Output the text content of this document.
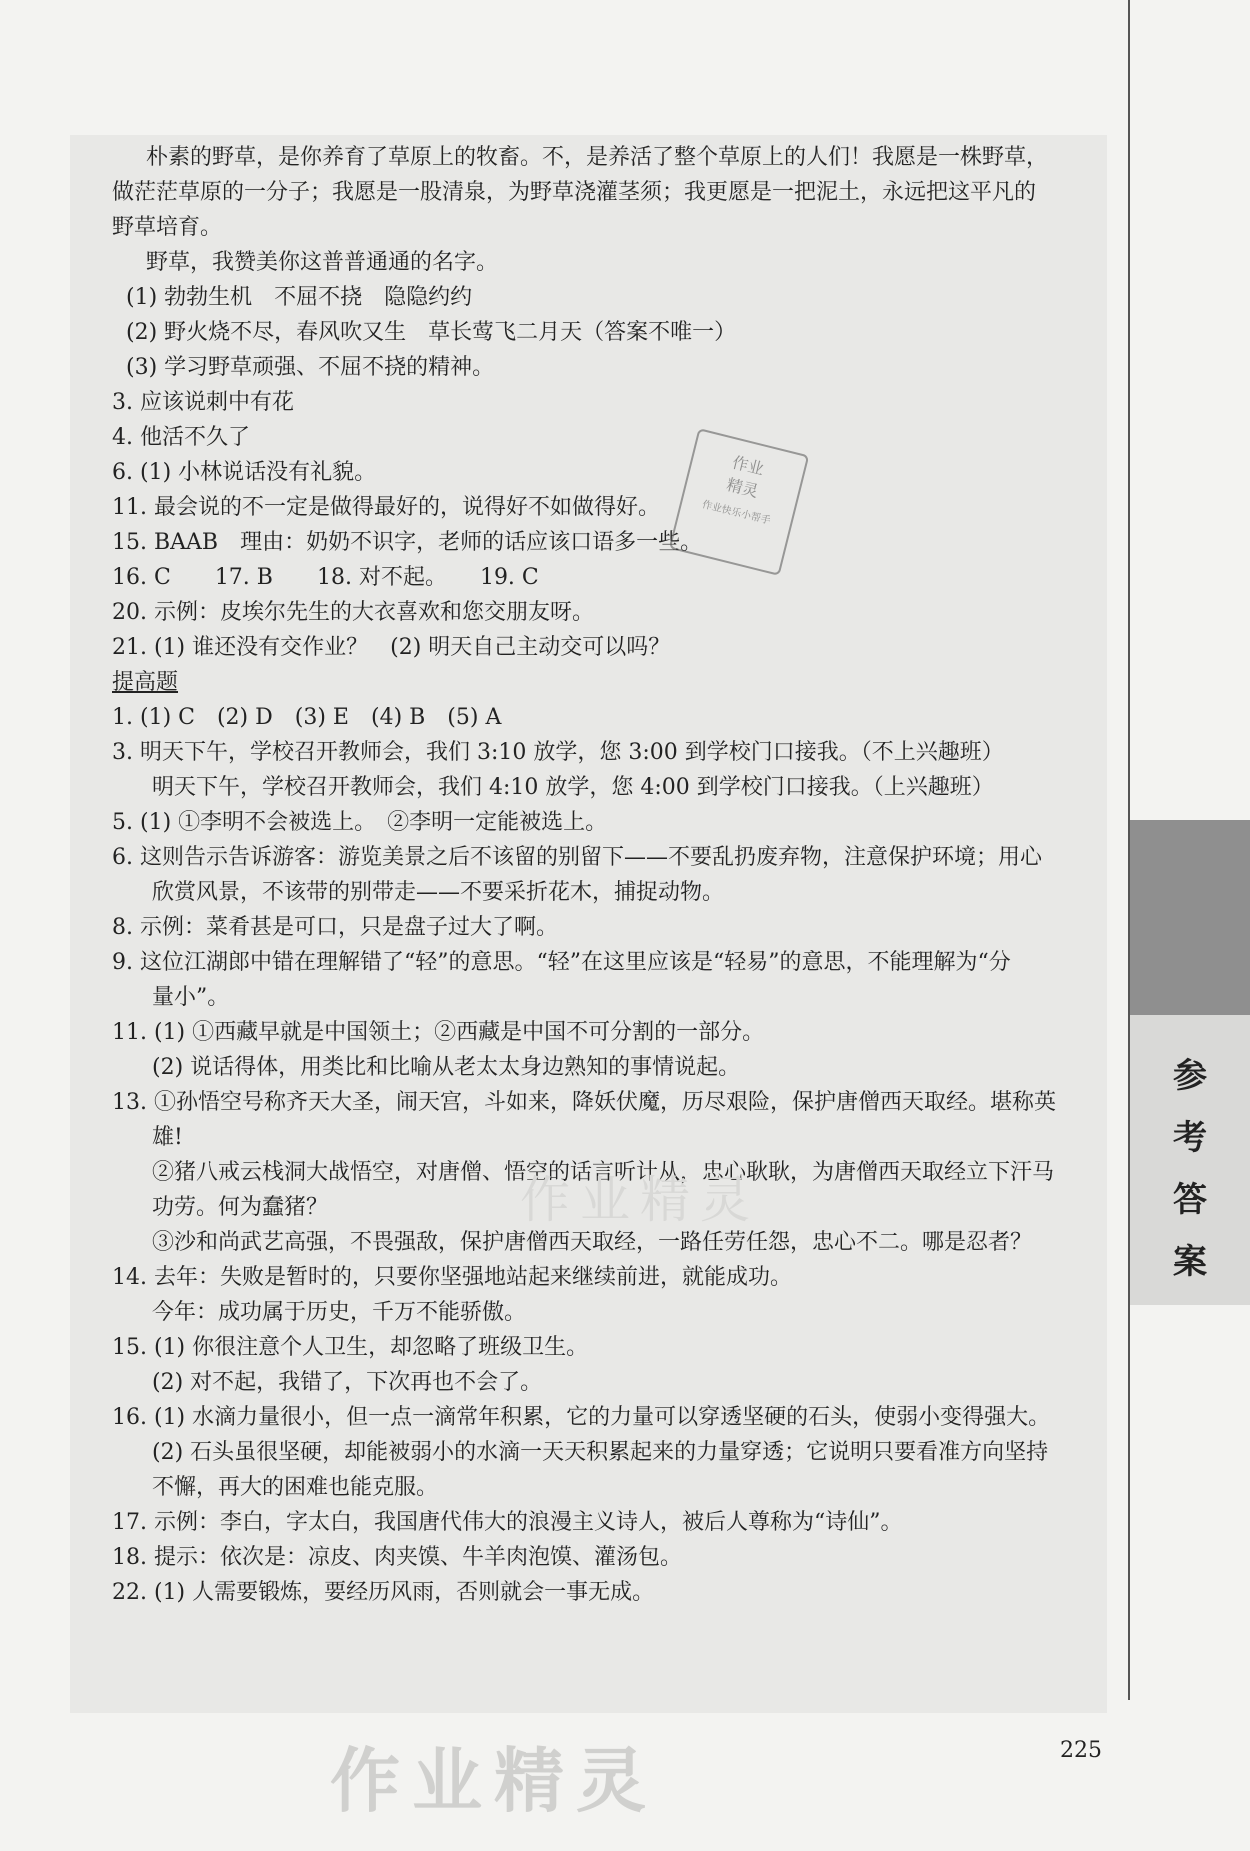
朴素的野草，是你养育了草原上的牧畜。不，是养活了整个草原上的人们！我愿是一株野草，
做茫茫草原的一分子；我愿是一股清泉，为野草浇灌茎须；我更愿是一把泥土，永远把这平凡的
野草培育。
野草，我赞美你这普普通通的名字。
(1) 勃勃生机　不屈不挠　隐隐约约
(2) 野火烧不尽，春风吹又生　草长莺飞二月天（答案不唯一）
(3) 学习野草顽强、不屈不挠的精神。
3. 应该说刺中有花
4. 他活不久了
6. (1) 小林说话没有礼貌。
11. 最会说的不一定是做得最好的，说得好不如做得好。
15. BAAB　理由：奶奶不识字，老师的话应该口语多一些。
16. C　　17. B　　18. 对不起。　　19. C
20. 示例：皮埃尔先生的大衣喜欢和您交朋友呀。
21. (1) 谁还没有交作业？　(2) 明天自己主动交可以吗？
提高题
1. (1) C　(2) D　(3) E　(4) B　(5) A
3. 明天下午，学校召开教师会，我们 3:10 放学，您 3:00 到学校门口接我。（不上兴趣班）
明天下午，学校召开教师会，我们 4:10 放学，您 4:00 到学校门口接我。（上兴趣班）
5. (1) ①李明不会被选上。　②李明一定能被选上。
6. 这则告示告诉游客：游览美景之后不该留的别留下——不要乱扔废弃物，注意保护环境；用心
欣赏风景，不该带的别带走——不要采折花木，捕捉动物。
8. 示例：菜肴甚是可口，只是盘子过大了啊。
9. 这位江湖郎中错在理解错了“轻”的意思。“轻”在这里应该是“轻易”的意思，不能理解为“分
量小”。
11. (1) ①西藏早就是中国领土；②西藏是中国不可分割的一部分。
(2) 说话得体，用类比和比喻从老太太身边熟知的事情说起。
13. ①孙悟空号称齐天大圣，闹天宫，斗如来，降妖伏魔，历尽艰险，保护唐僧西天取经。堪称英
雄!
②猪八戒云栈洞大战悟空，对唐僧、悟空的话言听计从，忠心耿耿，为唐僧西天取经立下汗马
功劳。何为蠢猪？
③沙和尚武艺高强，不畏强敌，保护唐僧西天取经，一路任劳任怨，忠心不二。哪是忍者？
14. 去年：失败是暂时的，只要你坚强地站起来继续前进，就能成功。
今年：成功属于历史，千万不能骄傲。
15. (1) 你很注意个人卫生，却忽略了班级卫生。
(2) 对不起，我错了，下次再也不会了。
16. (1) 水滴力量很小，但一点一滴常年积累，它的力量可以穿透坚硬的石头，使弱小变得强大。
(2) 石头虽很坚硬，却能被弱小的水滴一天天积累起来的力量穿透；它说明只要看准方向坚持
不懈，再大的困难也能克服。
17. 示例：李白，字太白，我国唐代伟大的浪漫主义诗人，被后人尊称为“诗仙”。
18. 提示：依次是：凉皮、肉夹馍、牛羊肉泡馍、灌汤包。
22. (1) 人需要锻炼，要经历风雨，否则就会一事无成。
作业
精灵
作业快乐小帮手
作业精灵
参
考
答
案
225
作业精灵
